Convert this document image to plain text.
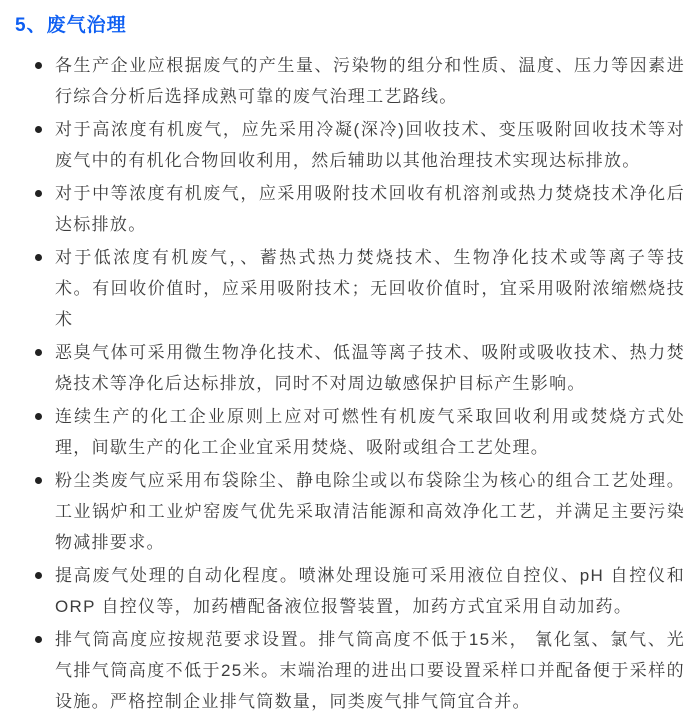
5、废气治理
各生产企业应根据废气的产生量、污染物的组分和性质、温度、压力等因素进行综合分析后选择成熟可靠的废气治理工艺路线。
对于高浓度有机废气，应先采用冷凝(深冷)回收技术、变压吸附回收技术等对废气中的有机化合物回收利用，然后辅助以其他治理技术实现达标排放。
对于中等浓度有机废气，应采用吸附技术回收有机溶剂或热力焚烧技术净化后达标排放。
对于低浓度有机废气，、蓄热式热力焚烧技术、生物净化技术或等离子等技术。有回收价值时，应采用吸附技术；无回收价值时，宜采用吸附浓缩燃烧技术
恶臭气体可采用微生物净化技术、低温等离子技术、吸附或吸收技术、热力焚烧技术等净化后达标排放，同时不对周边敏感保护目标产生影响。
连续生产的化工企业原则上应对可燃性有机废气采取回收利用或焚烧方式处理，间歇生产的化工企业宜采用焚烧、吸附或组合工艺处理。
粉尘类废气应采用布袋除尘、静电除尘或以布袋除尘为核心的组合工艺处理。工业锅炉和工业炉窑废气优先采取清洁能源和高效净化工艺，并满足主要污染物减排要求。
提高废气处理的自动化程度。喷淋处理设施可采用液位自控仪、pH 自控仪和 ORP 自控仪等，加药槽配备液位报警装置，加药方式宜采用自动加药。
排气筒高度应按规范要求设置。排气筒高度不低于15米， 氰化氢、氯气、光气排气筒高度不低于25米。末端治理的进出口要设置采样口并配备便于采样的设施。严格控制企业排气筒数量，同类废气排气筒宜合并。
